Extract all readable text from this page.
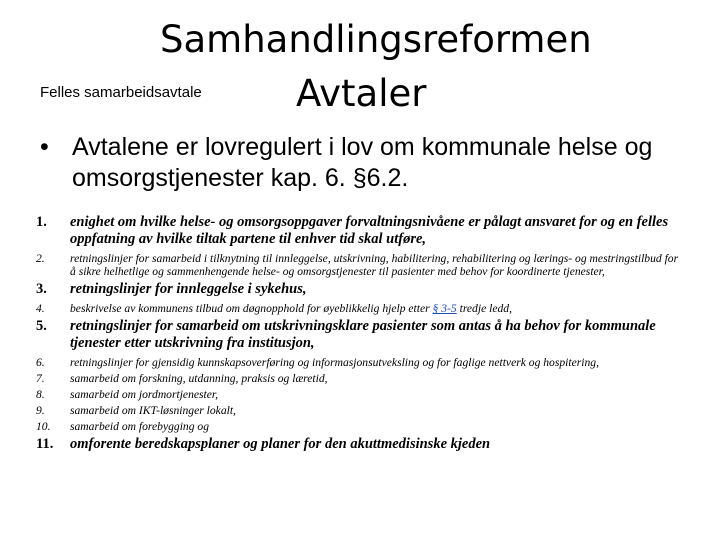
Samhandlingsreformen
Avtaler
Felles samarbeidsavtale
• Avtalene er lovregulert i lov om kommunale helse og omsorgstjenester kap. 6. §6.2.
1. enighet om hvilke helse- og omsorgsoppgaver forvaltningsnivåene er pålagt ansvaret for og en felles oppfatning av hvilke tiltak partene til enhver tid skal utføre,
2. retningslinjer for samarbeid i tilknytning til innleggelse, utskrivning, habilitering, rehabilitering og lærings- og mestringstilbud for å sikre helhetlige og sammenhengende helse- og omsorgstjenester til pasienter med behov for koordinerte tjenester,
3. retningslinjer for innleggelse i sykehus,
4. beskrivelse av kommunens tilbud om døgnopphold for øyeblikkelig hjelp etter § 3-5 tredje ledd,
5. retningslinjer for samarbeid om utskrivningsklare pasienter som antas å ha behov for kommunale tjenester etter utskrivning fra institusjon,
6. retningslinjer for gjensidig kunnskapsoverføring og informasjonsutveksling og for faglige nettverk og hospitering,
7. samarbeid om forskning, utdanning, praksis og læretid,
8. samarbeid om jordmortjenester,
9. samarbeid om IKT-løsninger lokalt,
10. samarbeid om forebygging og
11. omforente beredskapsplaner og planer for den akuttmedisinske kjeden
